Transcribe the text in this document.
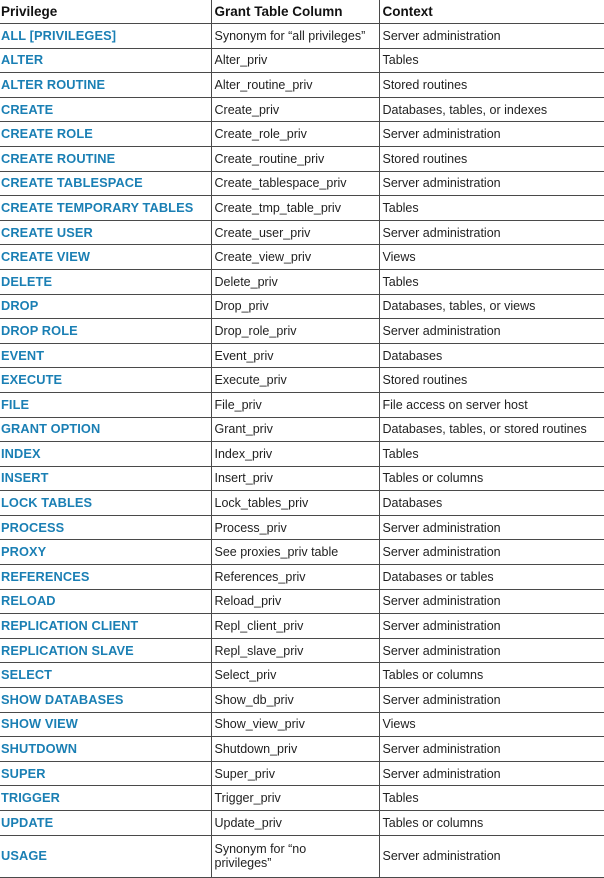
Privilege	Grant Table Column	Context
ALL [PRIVILEGES]	Synonym for “all privileges”	Server administration
ALTER	Alter_priv	Tables
ALTER ROUTINE	Alter_routine_priv	Stored routines
CREATE	Create_priv	Databases, tables, or indexes
CREATE ROLE	Create_role_priv	Server administration
CREATE ROUTINE	Create_routine_priv	Stored routines
CREATE TABLESPACE	Create_tablespace_priv	Server administration
CREATE TEMPORARY TABLES	Create_tmp_table_priv	Tables
CREATE USER	Create_user_priv	Server administration
CREATE VIEW	Create_view_priv	Views
DELETE	Delete_priv	Tables
DROP	Drop_priv	Databases, tables, or views
DROP ROLE	Drop_role_priv	Server administration
EVENT	Event_priv	Databases
EXECUTE	Execute_priv	Stored routines
FILE	File_priv	File access on server host
GRANT OPTION	Grant_priv	Databases, tables, or stored routines
INDEX	Index_priv	Tables
INSERT	Insert_priv	Tables or columns
LOCK TABLES	Lock_tables_priv	Databases
PROCESS	Process_priv	Server administration
PROXY	See proxies_priv table	Server administration
REFERENCES	References_priv	Databases or tables
RELOAD	Reload_priv	Server administration
REPLICATION CLIENT	Repl_client_priv	Server administration
REPLICATION SLAVE	Repl_slave_priv	Server administration
SELECT	Select_priv	Tables or columns
SHOW DATABASES	Show_db_priv	Server administration
SHOW VIEW	Show_view_priv	Views
SHUTDOWN	Shutdown_priv	Server administration
SUPER	Super_priv	Server administration
TRIGGER	Trigger_priv	Tables
UPDATE	Update_priv	Tables or columns
USAGE	Synonym for “no privileges”	Server administration
